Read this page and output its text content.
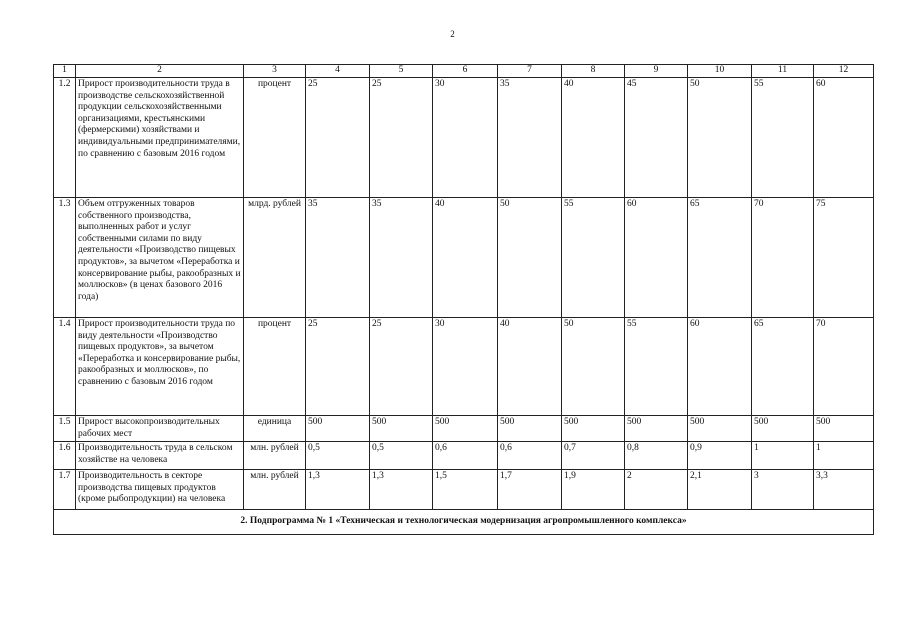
2
1	2	3	4	5	6	7	8	9	10	11	12
1.2	Прирост производительности труда в производстве сельскохозяйственной продукции сельскохозяйственными организациями, крестьянскими (фермерскими) хозяйствами и индивидуальными предпринимателями, по сравнению с базовым 2016 годом	процент	25	25	30	35	40	45	50	55	60
1.3	Объем отгруженных товаров собственного производства, выполненных работ и услуг собственными силами по виду деятельности «Производство пищевых продуктов», за вычетом «Переработка и консервирование рыбы, ракообразных и моллюсков» (в ценах базового 2016 года)	млрд. рублей	35	35	40	50	55	60	65	70	75
1.4	Прирост производительности труда по виду деятельности «Производство пищевых продуктов», за вычетом «Переработка и консервирование рыбы, ракообразных и моллюсков», по сравнению с базовым 2016 годом	процент	25	25	30	40	50	55	60	65	70
1.5	Прирост высокопроизводительных рабочих мест	единица	500	500	500	500	500	500	500	500	500
1.6	Производительность труда в сельском хозяйстве на человека	млн. рублей	0,5	0,5	0,6	0,6	0,7	0,8	0,9	1	1
1.7	Производительность в секторе производства пищевых продуктов (кроме рыбопродукции) на человека	млн. рублей	1,3	1,3	1,5	1,7	1,9	2	2,1	3	3,3
2. Подпрограмма № 1 «Техническая и технологическая модернизация агропромышленного комплекса»											
